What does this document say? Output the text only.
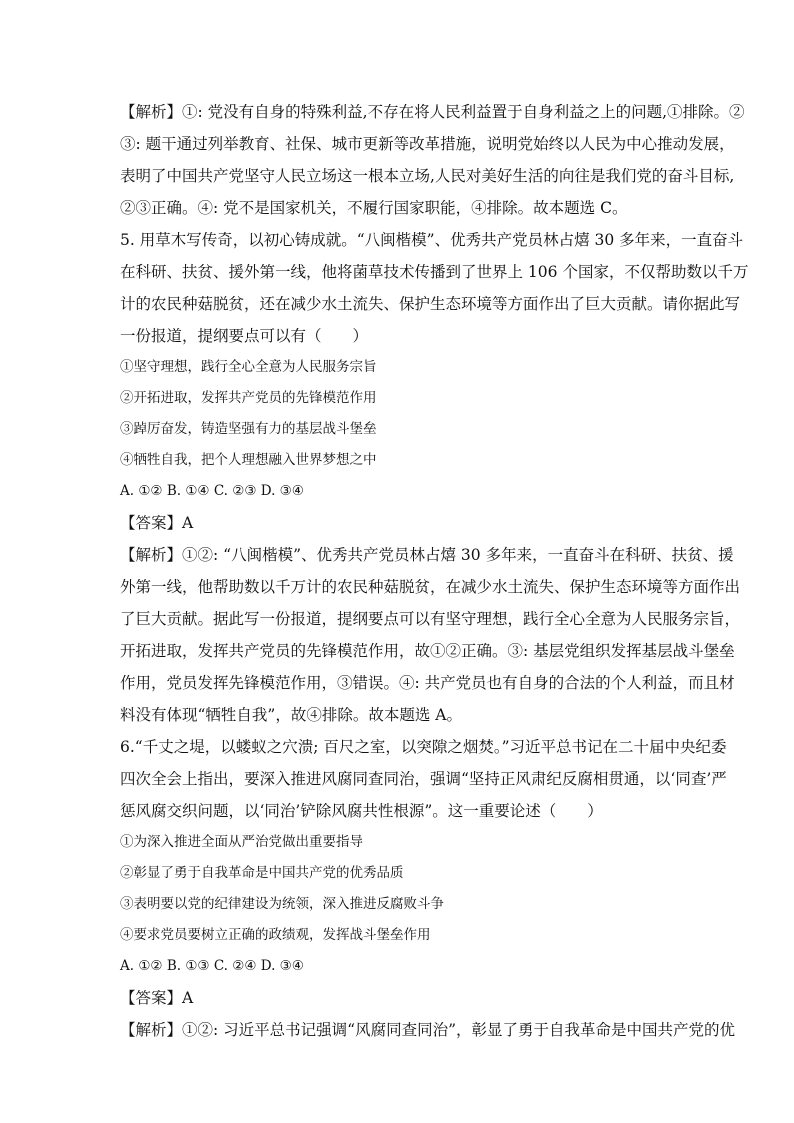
【解析】①: 党没有自身的特殊利益,不存在将人民利益置于自身利益之上的问题,①排除。②
③: 题干通过列举教育、社保、城市更新等改革措施，说明党始终以人民为中心推动发展，
表明了中国共产党坚守人民立场这一根本立场,人民对美好生活的向往是我们党的奋斗目标,
②③正确。④: 党不是国家机关，不履行国家职能，④排除。故本题选 C。
5. 用草木写传奇，以初心铸成就。“八闽楷模”、优秀共产党员林占熺 30 多年来，一直奋斗
在科研、扶贫、援外第一线，他将菌草技术传播到了世界上 106 个国家，不仅帮助数以千万
计的农民种菇脱贫，还在减少水土流失、保护生态环境等方面作出了巨大贡献。请你据此写
一份报道，提纲要点可以有（　　）
①坚守理想，践行全心全意为人民服务宗旨
②开拓进取，发挥共产党员的先锋模范作用
③踔厉奋发，铸造坚强有力的基层战斗堡垒
④牺牲自我，把个人理想融入世界梦想之中
A. ①② B. ①④ C. ②③ D. ③④
【答案】A
【解析】①②: “八闽楷模”、优秀共产党员林占熺 30 多年来，一直奋斗在科研、扶贫、援
外第一线，他帮助数以千万计的农民种菇脱贫，在减少水土流失、保护生态环境等方面作出
了巨大贡献。据此写一份报道，提纲要点可以有坚守理想，践行全心全意为人民服务宗旨，
开拓进取，发挥共产党员的先锋模范作用，故①②正确。③: 基层党组织发挥基层战斗堡垒
作用，党员发挥先锋模范作用，③错误。④: 共产党员也有自身的合法的个人利益，而且材
料没有体现“牺牲自我”，故④排除。故本题选 A。
6.“千丈之堤，以蝼蚁之穴溃; 百尺之室，以突隙之烟焚。”习近平总书记在二十届中央纪委
四次全会上指出，要深入推进风腐同查同治，强调“坚持正风肃纪反腐相贯通，以‘同查’严
惩风腐交织问题，以‘同治’铲除风腐共性根源”。这一重要论述（　　）
①为深入推进全面从严治党做出重要指导
②彰显了勇于自我革命是中国共产党的优秀品质
③表明要以党的纪律建设为统领，深入推进反腐败斗争
④要求党员要树立正确的政绩观，发挥战斗堡垒作用
A. ①② B. ①③ C. ②④ D. ③④
【答案】A
【解析】①②: 习近平总书记强调“风腐同查同治”，彰显了勇于自我革命是中国共产党的优
